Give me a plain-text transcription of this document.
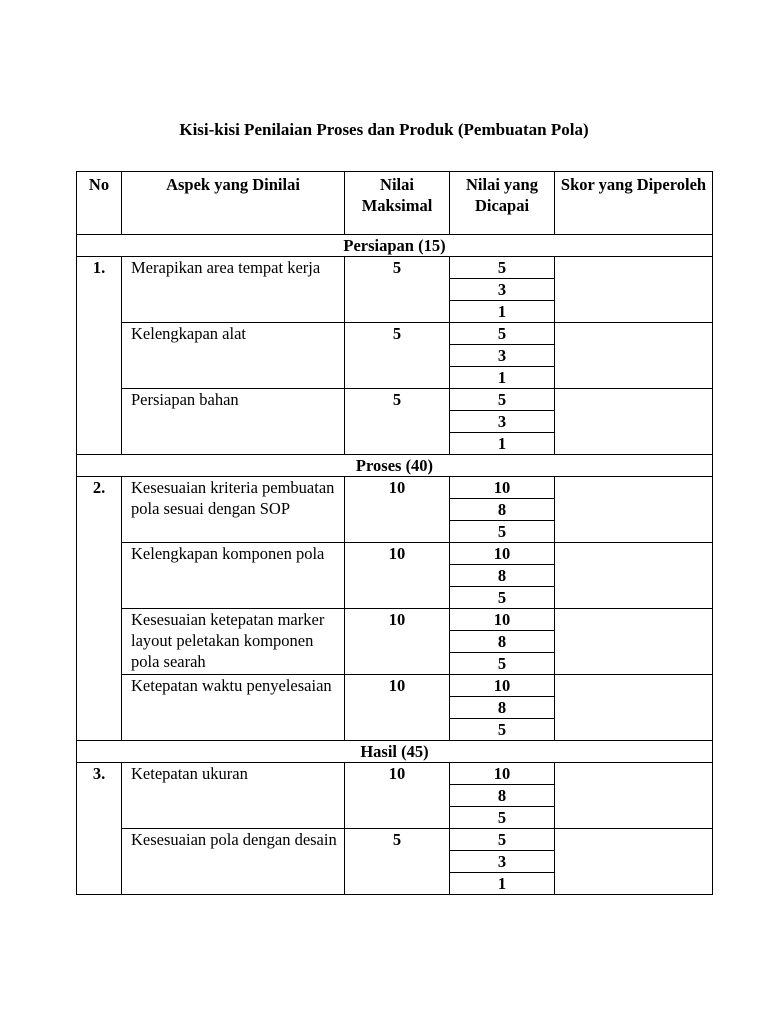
Kisi-kisi Penilaian Proses dan Produk (Pembuatan Pola)
No	Aspek yang Dinilai	Nilai Maksimal	Nilai yang Dicapai	Skor yang Diperoleh
Persiapan (15)				
1.	Merapikan area tempat kerja	5	5	
			3	
			1	
	Kelengkapan alat	5	5	
			3	
			1	
	Persiapan bahan	5	5	
			3	
			1	
Proses (40)				
2.	Kesesuaian kriteria pembuatan pola sesuai dengan SOP	10	10	
			8	
			5	
	Kelengkapan komponen pola	10	10	
			8	
			5	
	Kesesuaian ketepatan marker layout peletakan komponen pola searah	10	10	
			8	
			5	
	Ketepatan waktu penyelesaian	10	10	
			8	
			5	
Hasil (45)				
3.	Ketepatan ukuran	10	10	
			8	
			5	
	Kesesuaian pola dengan desain	5	5	
			3	
			1	
